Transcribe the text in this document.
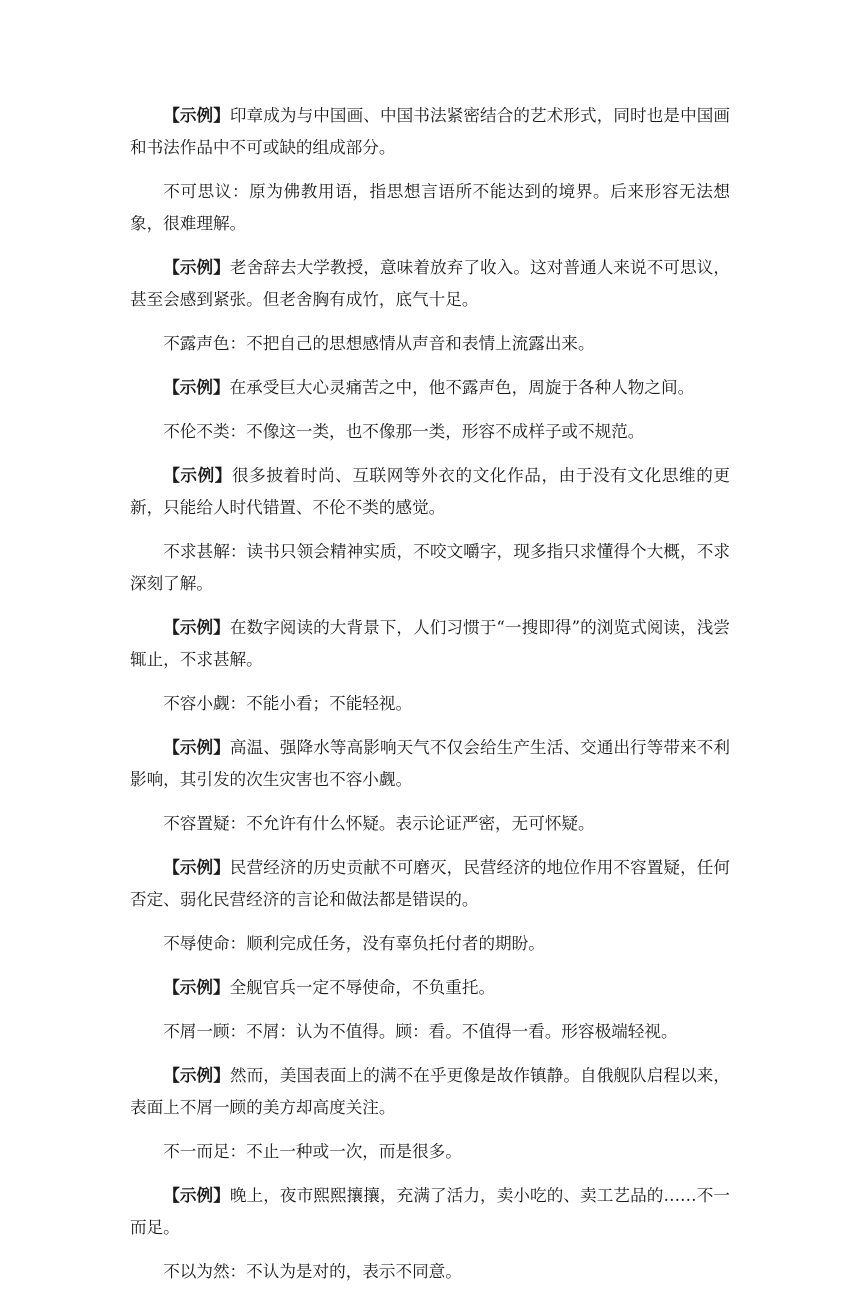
【示例】印章成为与中国画、中国书法紧密结合的艺术形式，同时也是中国画和书法作品中不可或缺的组成部分。

不可思议：原为佛教用语，指思想言语所不能达到的境界。后来形容无法想象，很难理解。

【示例】老舍辞去大学教授，意味着放弃了收入。这对普通人来说不可思议，甚至会感到紧张。但老舍胸有成竹，底气十足。

不露声色：不把自己的思想感情从声音和表情上流露出来。

【示例】在承受巨大心灵痛苦之中，他不露声色，周旋于各种人物之间。

不伦不类：不像这一类，也不像那一类，形容不成样子或不规范。

【示例】很多披着时尚、互联网等外衣的文化作品，由于没有文化思维的更新，只能给人时代错置、不伦不类的感觉。

不求甚解：读书只领会精神实质，不咬文嚼字，现多指只求懂得个大概，不求深刻了解。

【示例】在数字阅读的大背景下，人们习惯于“一搜即得”的浏览式阅读，浅尝辄止，不求甚解。

不容小觑：不能小看；不能轻视。

【示例】高温、强降水等高影响天气不仅会给生产生活、交通出行等带来不利影响，其引发的次生灾害也不容小觑。

不容置疑：不允许有什么怀疑。表示论证严密，无可怀疑。

【示例】民营经济的历史贡献不可磨灭，民营经济的地位作用不容置疑，任何否定、弱化民营经济的言论和做法都是错误的。

不辱使命：顺利完成任务，没有辜负托付者的期盼。

【示例】全舰官兵一定不辱使命，不负重托。

不屑一顾：不屑：认为不值得。顾：看。不值得一看。形容极端轻视。

【示例】然而，美国表面上的满不在乎更像是故作镇静。自俄舰队启程以来，表面上不屑一顾的美方却高度关注。

不一而足：不止一种或一次，而是很多。

【示例】晚上，夜市熙熙攘攘，充满了活力，卖小吃的、卖工艺品的……不一而足。

不以为然：不认为是对的，表示不同意。
